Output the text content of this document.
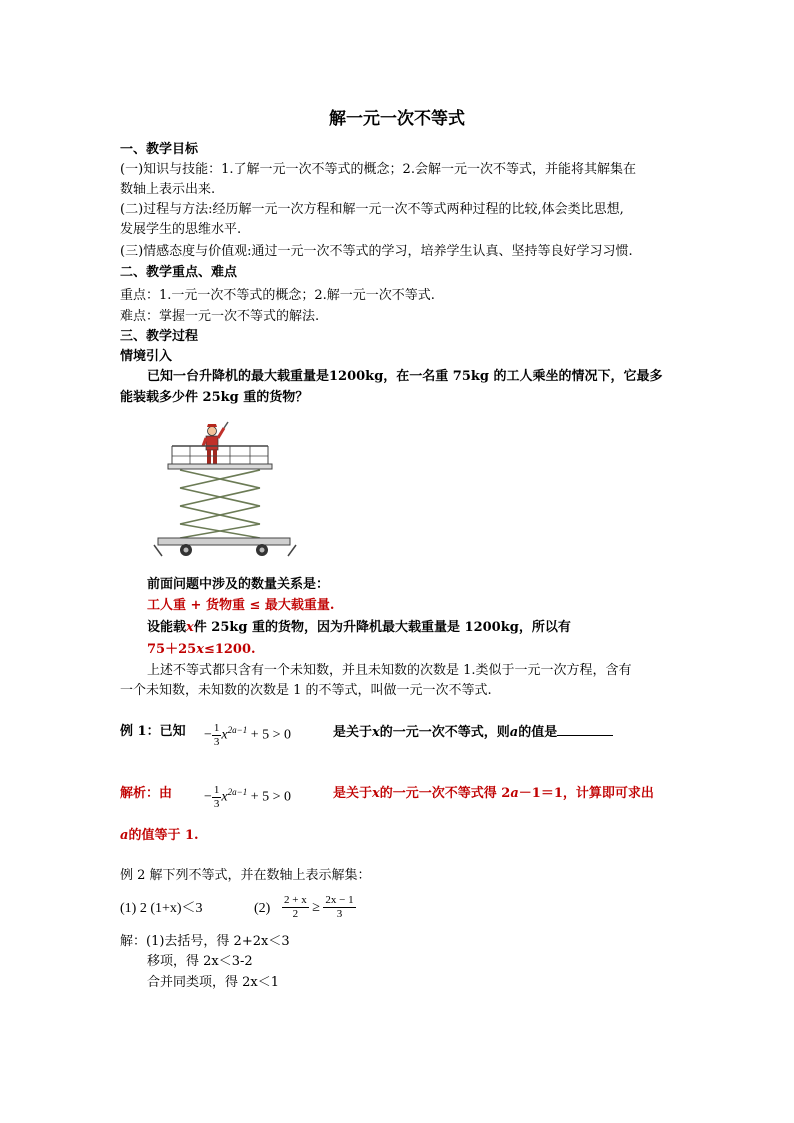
解一元一次不等式
一、教学目标
(一)知识与技能：1.了解一元一次不等式的概念；2.会解一元一次不等式，并能将其解集在
数轴上表示出来.
(二)过程与方法:经历解一元一次方程和解一元一次不等式两种过程的比较,体会类比思想,
发展学生的思维水平.
(三)情感态度与价值观:通过一元一次不等式的学习，培养学生认真、坚持等良好学习习惯.
二、教学重点、难点
重点：1.一元一次不等式的概念；2.解一元一次不等式.
难点：掌握一元一次不等式的解法.
三、教学过程
情境引入
已知一台升降机的最大载重量是1200kg，在一名重 75kg 的工人乘坐的情况下，它最多
能装载多少件 25kg 重的货物？
前面问题中涉及的数量关系是：
工人重 + 货物重 ≤ 最大载重量.
设能载x件 25kg 重的货物，因为升降机最大载重量是 1200kg，所以有
75＋25x≤1200.
上述不等式都只含有一个未知数，并且未知数的次数是 1.类似于一元一次方程，含有
一个未知数，未知数的次数是 1 的不等式，叫做一元一次不等式.
例 1：已知 − $\frac{1}{3} x^{2a-1} + 5 > 0$	是关于x的一元一次不等式，则a的值是
解析：由 − $\frac{1}{3} x^{2a-1} + 5 > 0$	是关于x的一元一次不等式得 2a－1＝1，计算即可求出
a的值等于 1.
例 2 解下列不等式，并在数轴上表示解集：
(1) 2 (1+x)＜3	$(2) \frac{2 + x}{2} \ge \frac{2x - 1}{3}$
解：(1)去括号，得 2+2x＜3
移项，得 2x＜3-2
合并同类项，得 2x＜1
